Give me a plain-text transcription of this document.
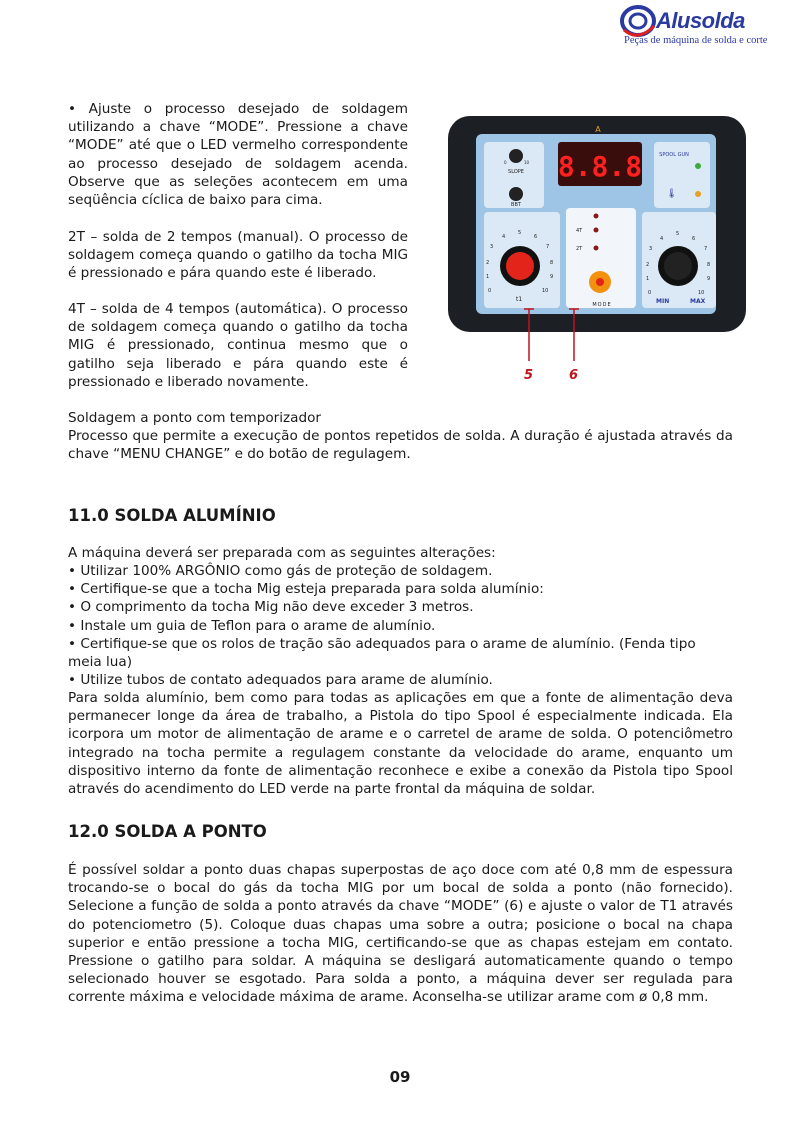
Alusolda
Peças de máquina de solda e corte

• Ajuste o processo desejado de soldagem utilizando a chave “MODE”. Pressione a chave “MODE” até que o LED vermelho correspondente ao processo desejado de soldagem acenda. Observe que as seleções acontecem em uma seqüência cíclica de baixo para cima.

2T – solda de 2 tempos (manual). O processo de soldagem começa quando o gatilho da tocha MIG é pressionado e pára quando este é liberado.

4T – solda de 4 tempos (automática). O processo de soldagem começa quando o gatilho da tocha MIG é pressionado, continua mesmo que o gatilho seja liberado e pára quando este é pressionado e liberado novamente.

SLOPE
BBT
0	10
A
8.8.8	SPOOL GUN
🌡
t1
0
1
2
3
4
5
6
7
8
9
10
4T
2T
MODE	MIN	MAX
0
1
2
3
4
5
6
7
8
9
10
5	6

Soldagem a ponto com temporizador

Processo que permite a execução de pontos repetidos de solda. A duração é ajustada através da chave “MENU CHANGE” e do botão de regulagem.

11.0 SOLDA ALUMÍNIO

A máquina deverá ser preparada com as seguintes alterações:

• Utilizar 100% ARGÔNIO como gás de proteção de soldagem.
• Certifique-se que a tocha Mig esteja preparada para solda alumínio:
• O comprimento da tocha Mig não deve exceder 3 metros.
• Instale um guia de Teflon para o arame de alumínio.
• Certifique-se que os rolos de tração são adequados para o arame de alumínio. (Fenda tipo meia lua)
• Utilize tubos de contato adequados para arame de alumínio.

Para solda alumínio, bem como para todas as aplicações em que a fonte de alimentação deva permanecer longe da área de trabalho, a Pistola do tipo Spool é especialmente indicada. Ela icorpora um motor de alimentação de arame e o carretel de arame de solda. O potenciômetro integrado na tocha permite a regulagem constante da velocidade do arame, enquanto um dispositivo interno da fonte de alimentação reconhece e exibe a conexão da Pistola tipo Spool através do acendimento do LED verde na parte frontal da máquina de soldar.

12.0 SOLDA A PONTO

É possível soldar a ponto duas chapas superpostas de aço doce com até 0,8 mm de espessura trocando-se o bocal do gás da tocha MIG por um bocal de solda a ponto (não fornecido). Selecione a função de solda a ponto através da chave “MODE” (6) e ajuste o valor de T1 através do potenciometro (5). Coloque duas chapas uma sobre a outra; posicione o bocal na chapa superior e então pressione a tocha MIG, certificando-se que as chapas estejam em contato. Pressione o gatilho para soldar. A máquina se desligará automaticamente quando o tempo selecionado houver se esgotado. Para solda a ponto, a máquina dever ser regulada para corrente máxima e velocidade máxima de arame. Aconselha-se utilizar arame com ø 0,8 mm.

09
